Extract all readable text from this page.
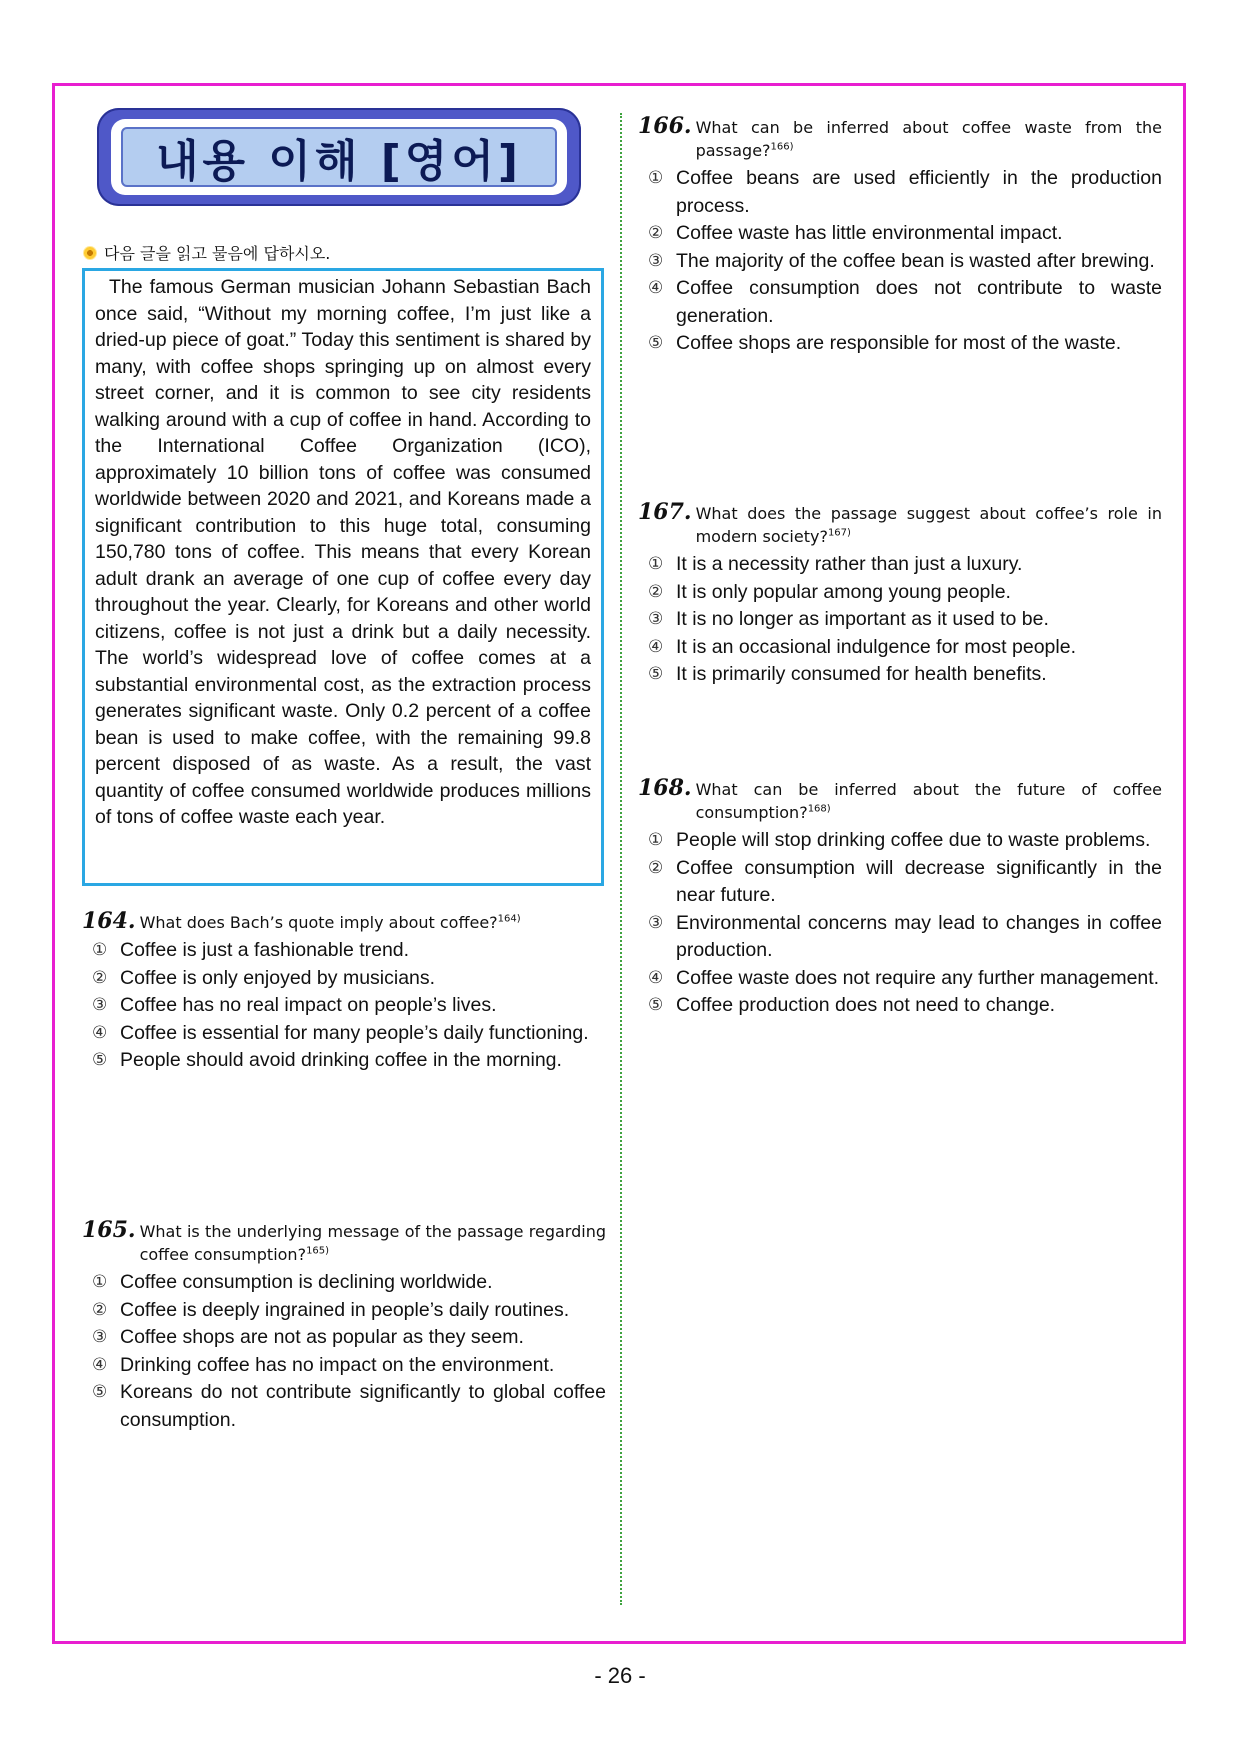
내용 이해 [영어]
다음 글을 읽고 물음에 답하시오.

The famous German musician Johann Sebastian Bach once said, “Without my morning coffee, I’m just like a dried-up piece of goat.” Today this sentiment is shared by many, with coffee shops springing up on almost every street corner, and it is common to see city residents walking around with a cup of coffee in hand. According to the International Coffee Organization (ICO), approximately 10 billion tons of coffee was consumed worldwide between 2020 and 2021, and Koreans made a significant contribution to this huge total, consuming 150,780 tons of coffee. This means that every Korean adult drank an average of one cup of coffee every day throughout the year. Clearly, for Koreans and other world citizens, coffee is not just a drink but a daily necessity. The world’s widespread love of coffee comes at a substantial environmental cost, as the extraction process generates significant waste. Only 0.2 percent of a coffee bean is used to make coffee, with the remaining 99.8 percent disposed of as waste. As a result, the vast quantity of coffee consumed worldwide produces millions of tons of coffee waste each year.

164. What does Bach’s quote imply about coffee?$^{164)}$
① Coffee is just a fashionable trend.
② Coffee is only enjoyed by musicians.
③ Coffee has no real impact on people’s lives.
④ Coffee is essential for many people’s daily functioning.
⑤ People should avoid drinking coffee in the morning.
165. What is the underlying message of the passage regarding coffee consumption?$^{165)}$
① Coffee consumption is declining worldwide.
② Coffee is deeply ingrained in people’s daily routines.
③ Coffee shops are not as popular as they seem.
④ Drinking coffee has no impact on the environment.
⑤ Koreans do not contribute significantly to global coffee consumption.
166. What can be inferred about coffee waste from the passage?$^{166)}$
① Coffee beans are used efficiently in the production process.
② Coffee waste has little environmental impact.
③ The majority of the coffee bean is wasted after brewing.
④ Coffee consumption does not contribute to waste generation.
⑤ Coffee shops are responsible for most of the waste.
167. What does the passage suggest about coffee’s role in modern society?$^{167)}$
① It is a necessity rather than just a luxury.
② It is only popular among young people.
③ It is no longer as important as it used to be.
④ It is an occasional indulgence for most people.
⑤ It is primarily consumed for health benefits.
168. What can be inferred about the future of coffee consumption?$^{168)}$
① People will stop drinking coffee due to waste problems.
② Coffee consumption will decrease significantly in the near future.
③ Environmental concerns may lead to changes in coffee production.
④ Coffee waste does not require any further management.
⑤ Coffee production does not need to change.
- 26 -
